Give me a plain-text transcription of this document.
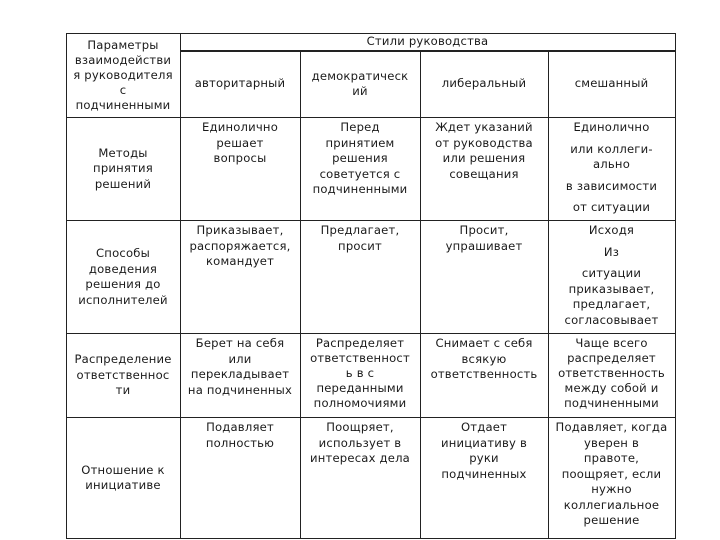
Параметры
взаимодействи
я руководителя
с
подчиненными
Стили руководства
авторитарный
демократическ
ий
либеральный	смешанный
Методы
принятия
решений
Единолично
решает
вопросы
Перед
принятием
решения
советуется с
подчиненными
Ждет указаний
от руководства
или решения
совещания
Единолично
или коллеги-
ально
в зависимости
от ситуации
Способы
доведения
решения до
исполнителей
Приказывает,
распоряжается,
командует
Предлагает,
просит
Просит,
упрашивает
Исходя
Из
ситуации
приказывает,
предлагает,
согласовывает
Распределение
ответственнос
ти
Берет на себя
или
перекладывает
на подчиненных
Распределяет
ответственност
ь в с
переданными
полномочиями
Снимает с себя
всякую
ответственность
Чаще всего
распределяет
ответственность
между собой и
подчиненными
Отношение к
инициативе
Подавляет
полностью
Поощряет,
использует в
интересах дела
Отдает
инициативу в
руки
подчиненных
Подавляет, когда
уверен в
правоте,
поощряет, если
нужно
коллегиальное
решение
